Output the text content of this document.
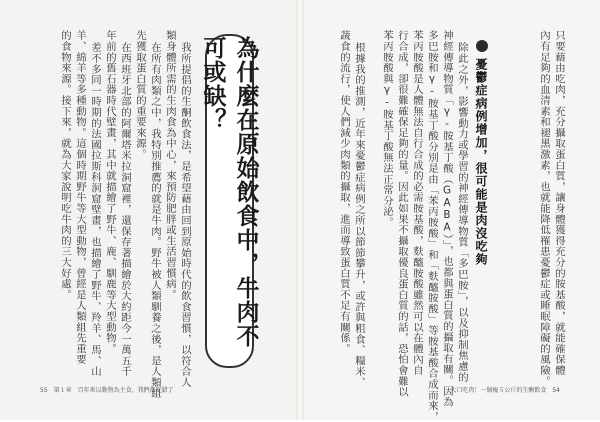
憂鬱症病例增加，很可能是肉沒吃夠	只要藉由吃肉，充分攝取蛋白質，讓身體獲得充分的胺基酸，就能確保體
內有足夠的血清素和褪黑激素，也就能降低罹患憂鬱症或睡眠障礙的風險。
除此之外，影響動力或學習的神經傳導物質「多巴胺」，以及抑制焦慮的
神經傳導物質「γ-胺基丁酸（GABA）」，也都與蛋白質的攝取有關。因為
多巴胺和γ-胺基丁酸分別是由「苯丙胺酸」和「麩醯胺酸」等胺基酸合成而來，
苯丙胺酸是人體無法自行合成的必需胺基酸，麩醯胺酸雖然可以在體內自
行合成，卻很難確保足夠的量。因此如果不攝取優良蛋白質的話，恐怕會難以
苯丙胺酸與γ-胺基丁酸無法正常分泌。
根據我的推測，近年來憂鬱症病例之所以節節攀升，或許與粗食、糧米、
蔬食的流行，使人們減少肉類的攝取，進而導致蛋白質不足有關係。
為什麼在原始飲食中，牛肉不可或缺？
我所提倡的生酮飲食法，是希望藉由回到原始時代的飲食習慣，以符合人
類身體所需的生肉食為中心，來預防肥胖或生活習慣病。
在所有肉類之中，我特別推薦的就是牛肉。野牛被人類馴養之後，是人類組
先獲取蛋白質的重要來源。
在西班牙北部的阿爾塔米拉洞窟裡，還保存著描繪於大約距今一萬五千
年前的舊石器時代壁畫，其中就描繪了野牛、鹿、馴鹿等大型動物。
差不多同一時期的法國拉斯科洞窟壁畫，也描繪了野牛、羚羊、馬、山
羊、綿羊等多種動物。這個時期野牛等大型動物，曾經是人類組先重要
的食物來源。接下來，就為大家說明吃牛肉的三大好處。
55　第１章　百年來以動物為主食，我們都吃錯了	大口吃肉！一個瘦５公斤的生酮飲食　54
